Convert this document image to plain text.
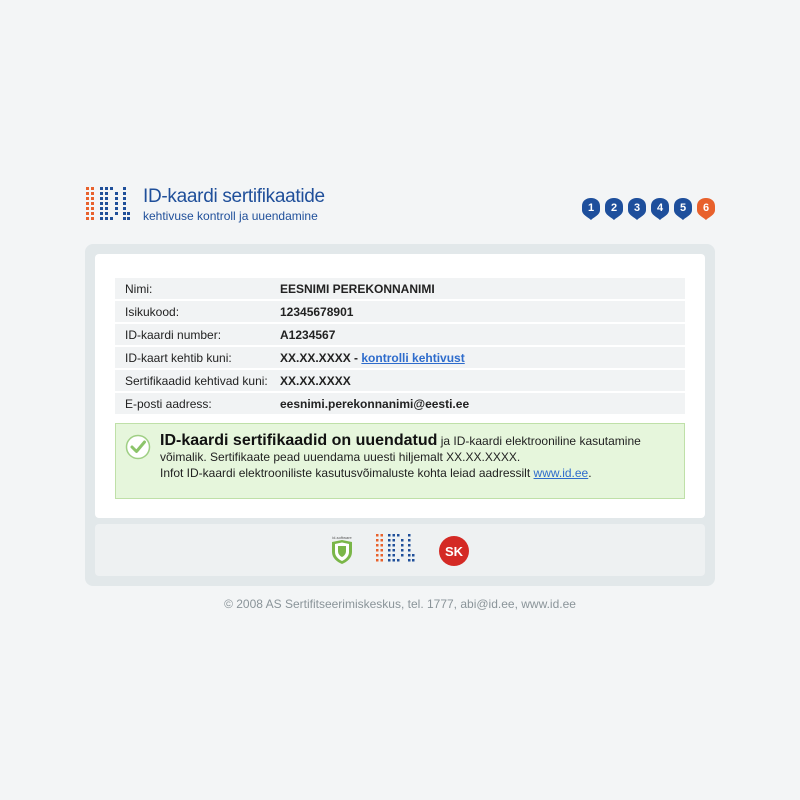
ID-kaardi sertifikaatide
kehtivuse kontroll ja uuendamine
1	2	3	4	5	6
Nimi:	EESNIMI PEREKONNANIMI
Isikukood:	12345678901
ID-kaardi number:	A1234567
ID-kaart kehtib kuni:	XX.XX.XXXX - kontrolli kehtivust
Sertifikaadid kehtivad kuni:	XX.XX.XXXX
E-posti aadress:	eesnimi.perekonnanimi@eesti.ee
ID-kaardi sertifikaadid on uuendatud ja ID-kaardi elektrooniline kasutamine võimalik. Sertifikaate pead uuendama uuesti hiljemalt XX.XX.XXXX.
Infot ID-kaardi elektrooniliste kasutusvõimaluste kohta leiad aadressilt www.id.ee.
id-software
SK
© 2008 AS Sertifitseerimiskeskus, tel. 1777, abi@id.ee, www.id.ee
